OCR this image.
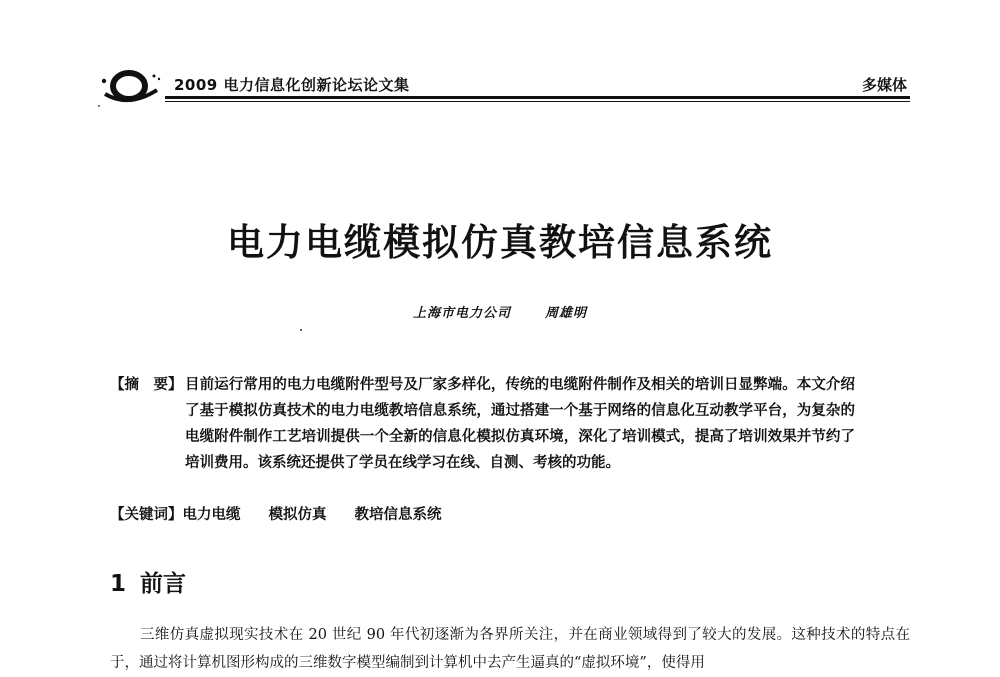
2009 电力信息化创新论坛论文集	多媒体
电力电缆模拟仿真教培信息系统
上海市电力公司	周雄明
【摘　要】 目前运行常用的电力电缆附件型号及厂家多样化，传统的电缆附件制作及相关的培训日显弊端。本文介绍了基于模拟仿真技术的电力电缆教培信息系统，通过搭建一个基于网络的信息化互动教学平台，为复杂的电缆附件制作工艺培训提供一个全新的信息化模拟仿真环境，深化了培训模式，提高了培训效果并节约了培训费用。该系统还提供了学员在线学习在线、自测、考核的功能。
【关键词】电力电缆 模拟仿真 教培信息系统
1 前言
三维仿真虚拟现实技术在 20 世纪 90 年代初逐渐为各界所关注，并在商业领域得到了较大的发展。这种技术的特点在于，通过将计算机图形构成的三维数字模型编制到计算机中去产生逼真的“虚拟环境”，使得用
